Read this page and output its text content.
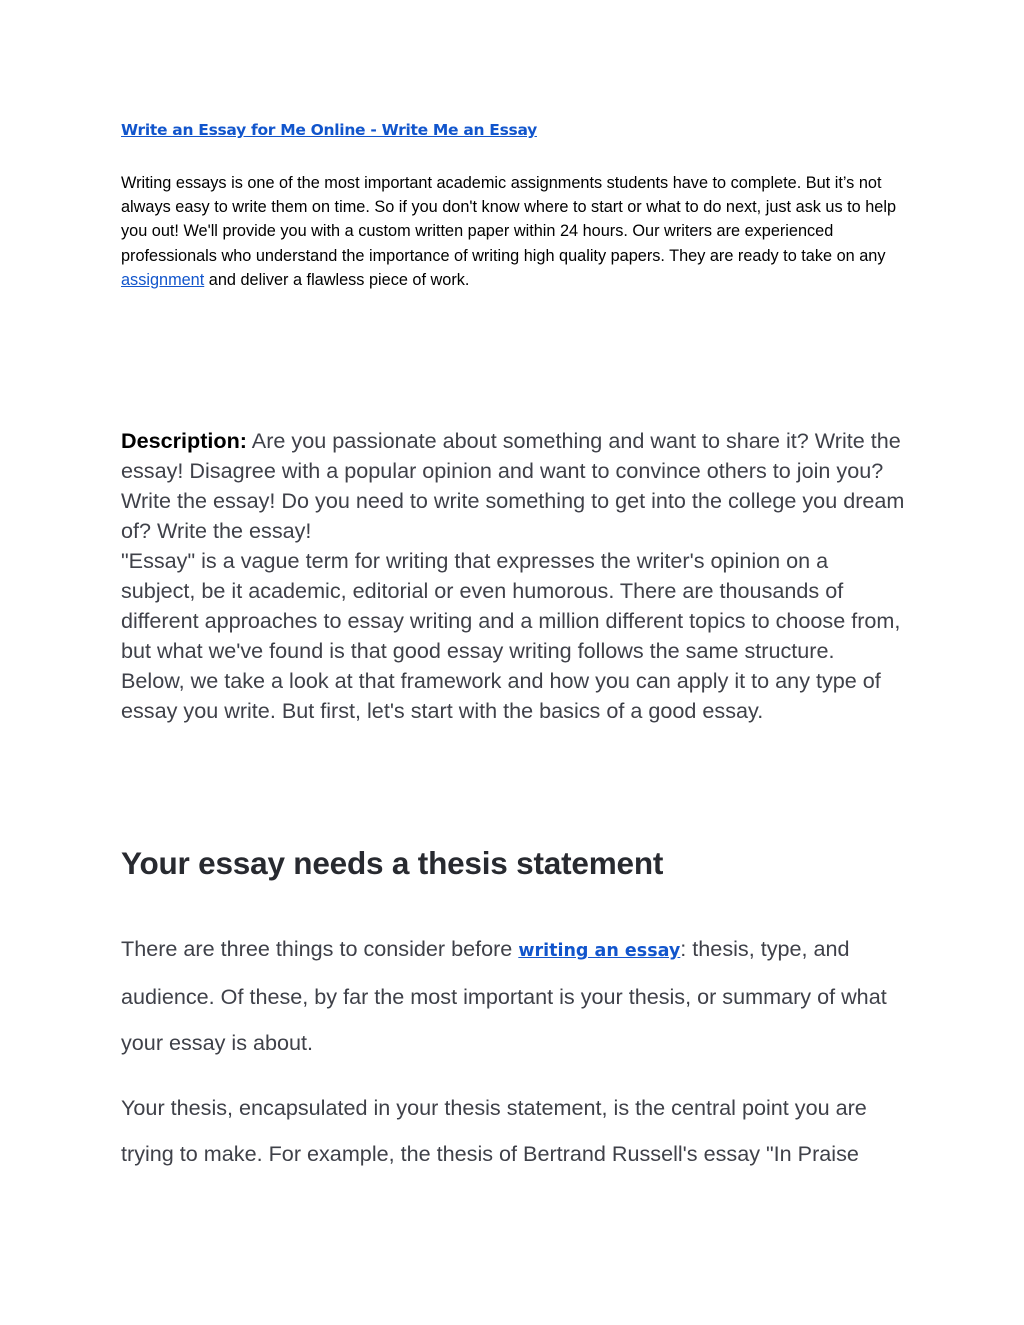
Write an Essay for Me Online - Write Me an Essay

Writing essays is one of the most important academic assignments students have to complete. But it’s not always easy to write them on time. So if you don't know where to start or what to do next, just ask us to help you out! We'll provide you with a custom written paper within 24 hours. Our writers are experienced professionals who understand the importance of writing high quality papers. They are ready to take on any assignment and deliver a flawless piece of work.

Description: Are you passionate about something and want to share it? Write the essay! Disagree with a popular opinion and want to convince others to join you? Write the essay! Do you need to write something to get into the college you dream of? Write the essay!

"Essay" is a vague term for writing that expresses the writer's opinion on a subject, be it academic, editorial or even humorous. There are thousands of different approaches to essay writing and a million different topics to choose from, but what we've found is that good essay writing follows the same structure.

Below, we take a look at that framework and how you can apply it to any type of essay you write. But first, let's start with the basics of a good essay.

Your essay needs a thesis statement

There are three things to consider before writing an essay: thesis, type, and audience. Of these, by far the most important is your thesis, or summary of what your essay is about.

Your thesis, encapsulated in your thesis statement, is the central point you are trying to make. For example, the thesis of Bertrand Russell's essay "In Praise
